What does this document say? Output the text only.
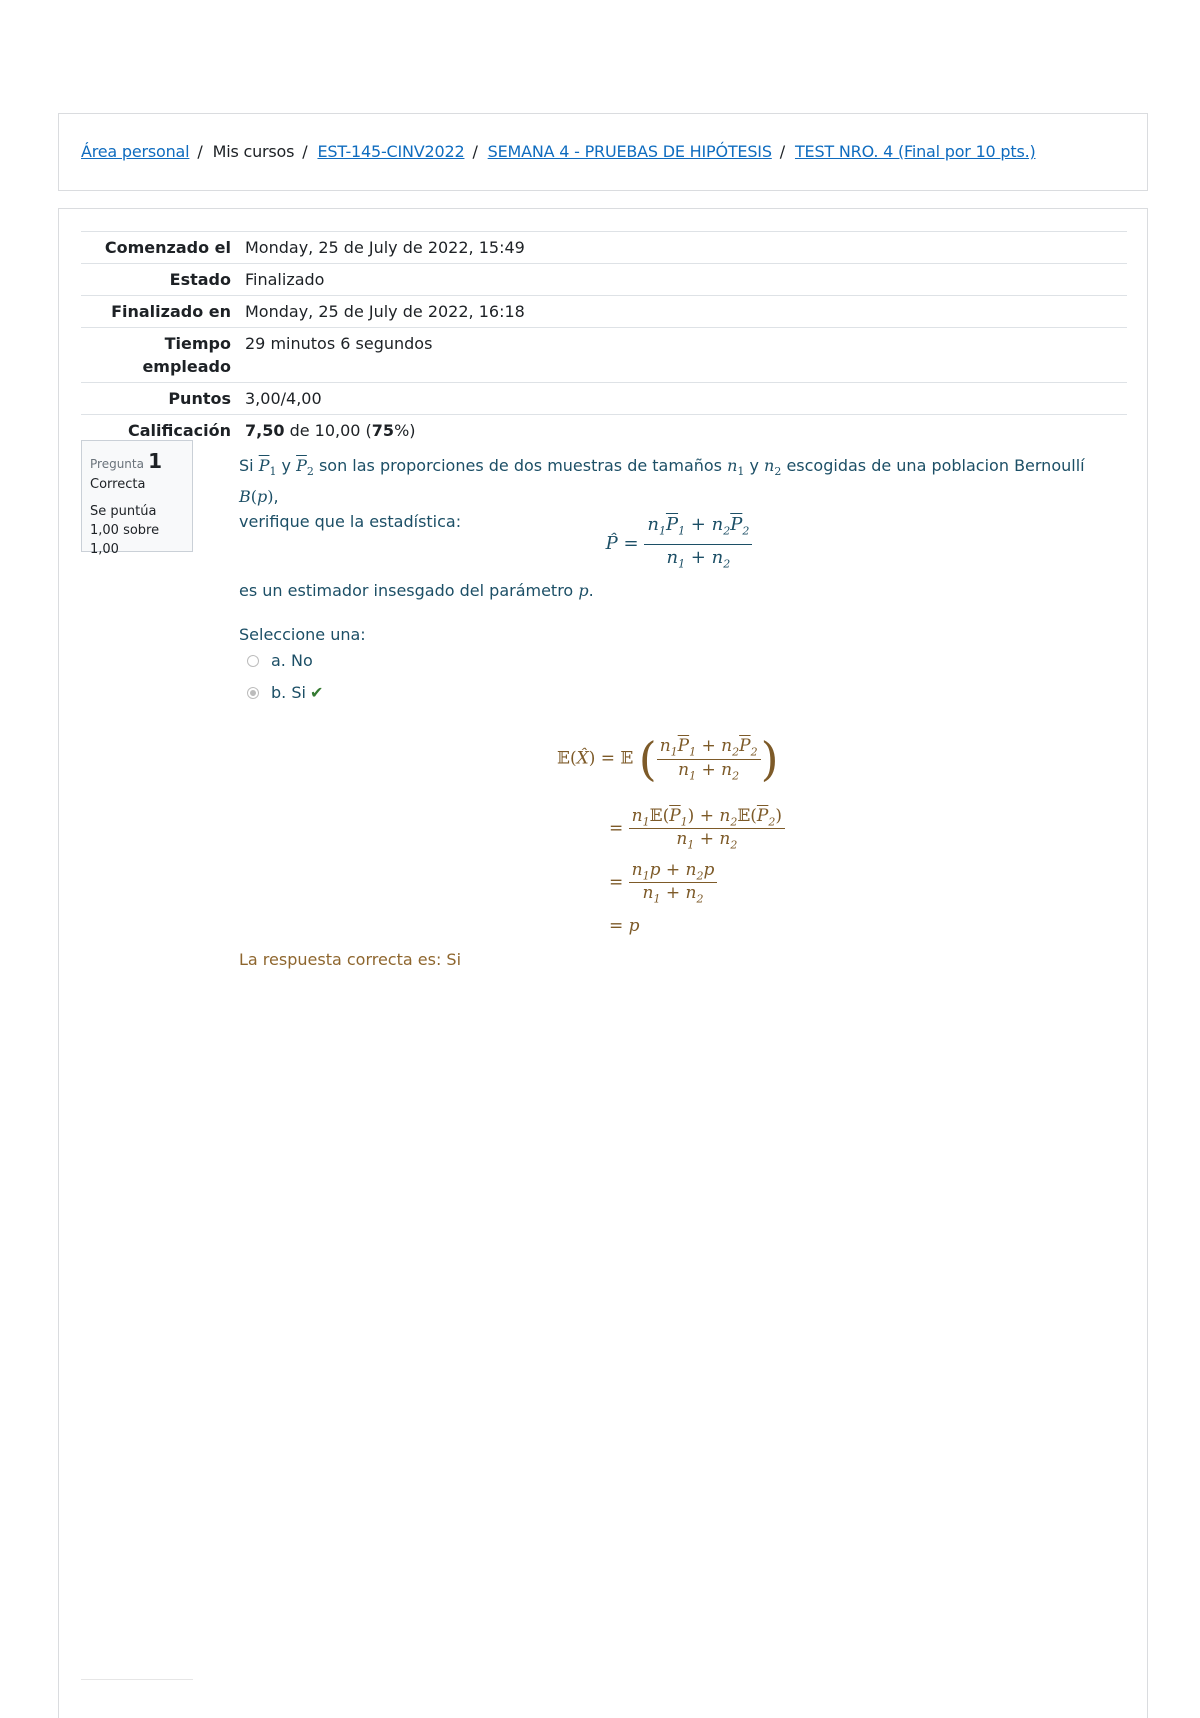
Área personal / Mis cursos / EST-145-CINV2022 / SEMANA 4 - PRUEBAS DE HIPÓTESIS / TEST NRO. 4 (Final por 10 pts.)
Comenzado el	Monday, 25 de July de 2022, 15:49
Estado	Finalizado
Finalizado en	Monday, 25 de July de 2022, 16:18
Tiempo
empleado	29 minutos 6 segundos
Puntos	3,00/4,00
Calificación	7,50 de 10,00 (75%)
Pregunta 1
Correcta
Se puntúa 1,00 sobre 1,00
Si $\overline{P}_1$ y $\overline{P}_2$ son las proporciones de dos muestras de tamaños $n_1$ y $n_2$ escogidas de una poblacion Bernoullí B(p),
verifique que la estadística:
P̂ = $\frac{n_1\overline{P}_1 + n_2\overline{P}_2}{n_1 + n_2}$
es un estimador insesgado del parámetro p.
Seleccione una:
a. No
b. Si ✔
𝔼(X̂) = 𝔼 ( $\frac{n_1\overline{P}_1 + n_2\overline{P}_2}{n_1 + n_2}$ )
= $\frac{n_1𝔼(\overline{P}_1) + n_2𝔼(\overline{P}_2)}{n_1 + n_2}$
= $\frac{n_1p + n_2p}{n_1 + n_2}$
= p
La respuesta correcta es: Si
